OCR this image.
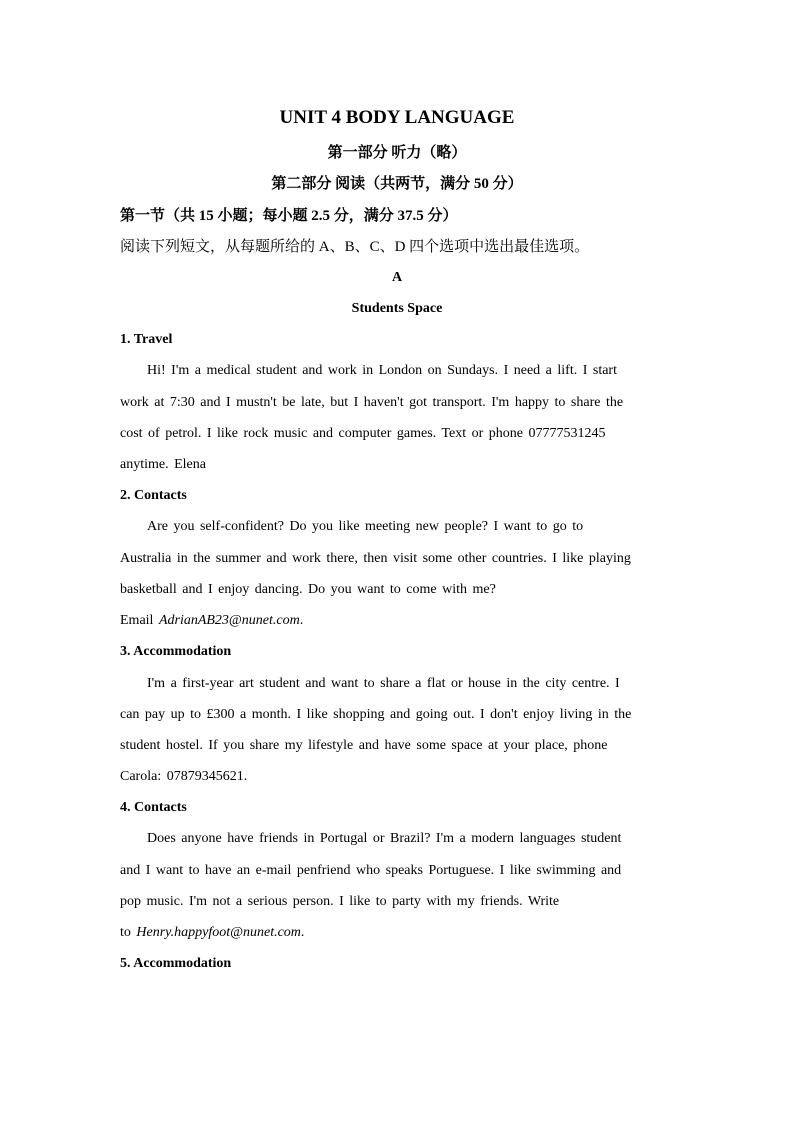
UNIT 4 BODY LANGUAGE
第一部分 听力（略）
第二部分 阅读（共两节，满分 50 分）
第一节（共 15 小题；每小题 2.5 分，满分 37.5 分）
阅读下列短文，从每题所给的 A、B、C、D 四个选项中选出最佳选项。
A
Students Space
1. Travel
Hi! I'm a medical student and work in London on Sundays. I need a lift. I start
work at 7:30 and I mustn't be late, but I haven't got transport. I'm happy to share the
cost of petrol. I like rock music and computer games. Text or phone 07777531245
anytime. Elena
2. Contacts
Are you self-confident? Do you like meeting new people? I want to go to
Australia in the summer and work there, then visit some other countries. I like playing
basketball and I enjoy dancing. Do you want to come with me?
Email AdrianAB23@nunet.com.
3. Accommodation
I'm a first-year art student and want to share a flat or house in the city centre. I
can pay up to £300 a month. I like shopping and going out. I don't enjoy living in the
student hostel. If you share my lifestyle and have some space at your place, phone
Carola: 07879345621.
4. Contacts
Does anyone have friends in Portugal or Brazil? I'm a modern languages student
and I want to have an e-mail penfriend who speaks Portuguese. I like swimming and
pop music. I'm not a serious person. I like to party with my friends. Write
to Henry.happyfoot@nunet.com.
5. Accommodation
